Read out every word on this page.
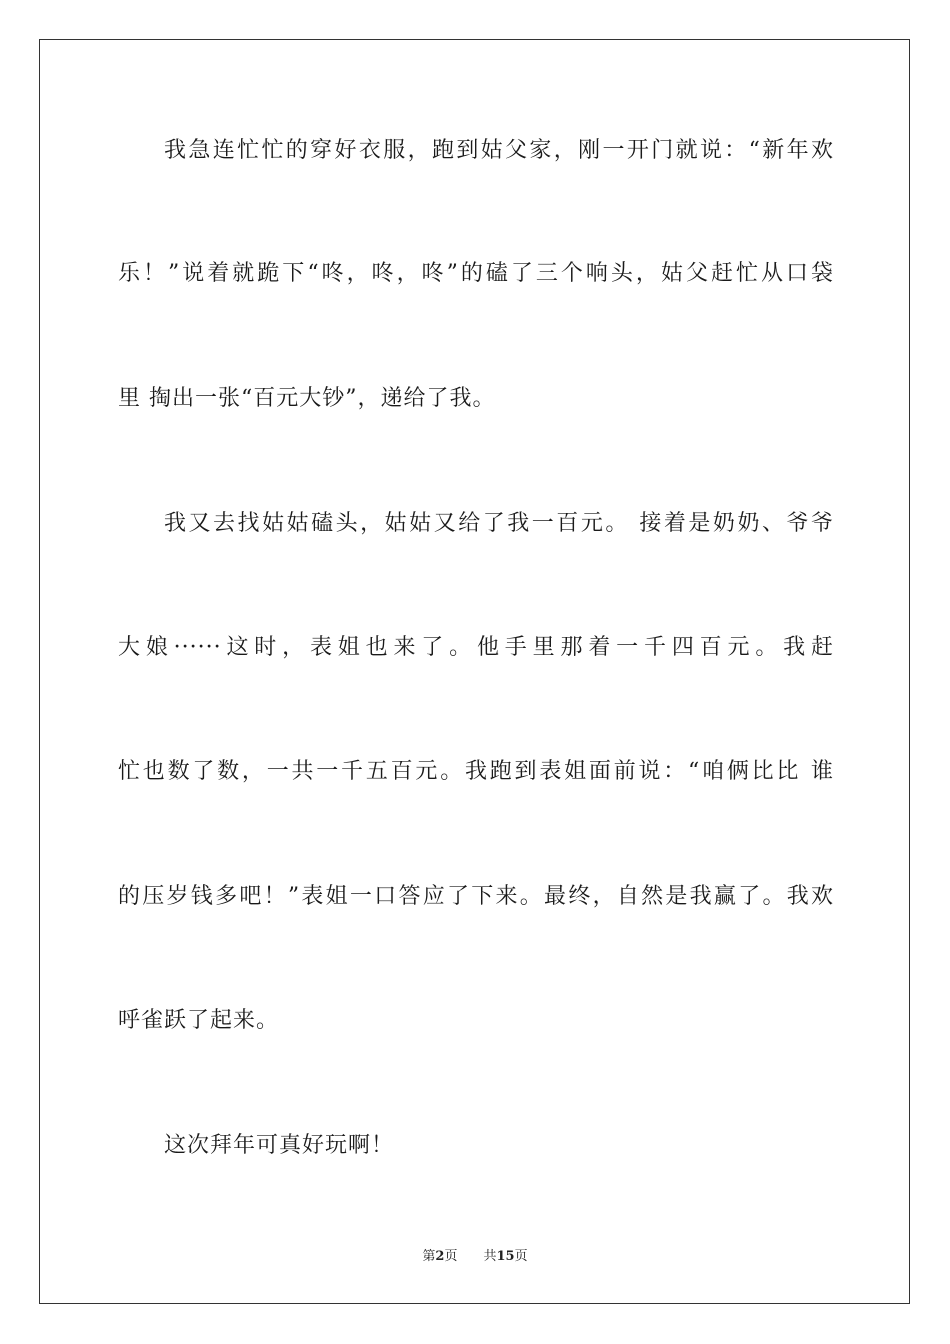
我急连忙忙的穿好衣服，跑到姑父家，刚一开门就说：“新年欢
乐！”说着就跪下“咚，咚，咚”的磕了三个响头，姑父赶忙从口袋
里 掏出一张“百元大钞”，递给了我。
我又去找姑姑磕头，姑姑又给了我一百元。 接着是奶奶、爷爷
大娘······这时，表姐也来了。他手里那着一千四百元。我赶
忙也数了数，一共一千五百元。我跑到表姐面前说：“咱俩比比 谁
的压岁钱多吧！”表姐一口答应了下来。最终，自然是我赢了。我欢
呼雀跃了起来。
这次拜年可真好玩啊！
第2页   共15页
